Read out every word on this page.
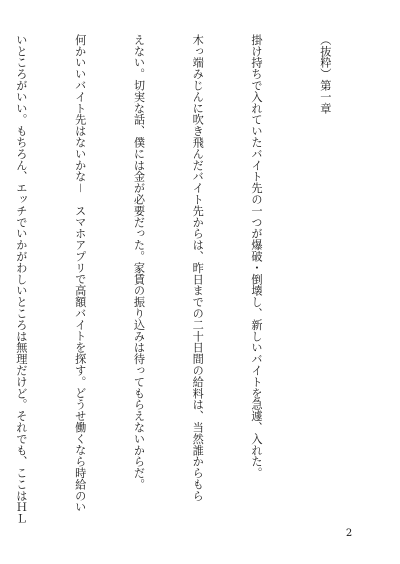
（抜粋）第一章

掛け持ちで入れていたバイト先の一つが爆破・倒壊し、新しいバイトを急遽、入れた。

木っ端みじんに吹き飛んだバイト先からは、昨日までの二十日間の給料は、当然誰からもら

えない。切実な話、僕には金が必要だった。家賃の振り込みは待ってもらえないからだ。

何かいいバイト先はないかな－　スマホアプリで高額バイトを探す。どうせ働くなら時給のい

いところがいい。もちろん、エッチでいかがわしいところは無理だけど。それでも、ここはＨＬ

2
